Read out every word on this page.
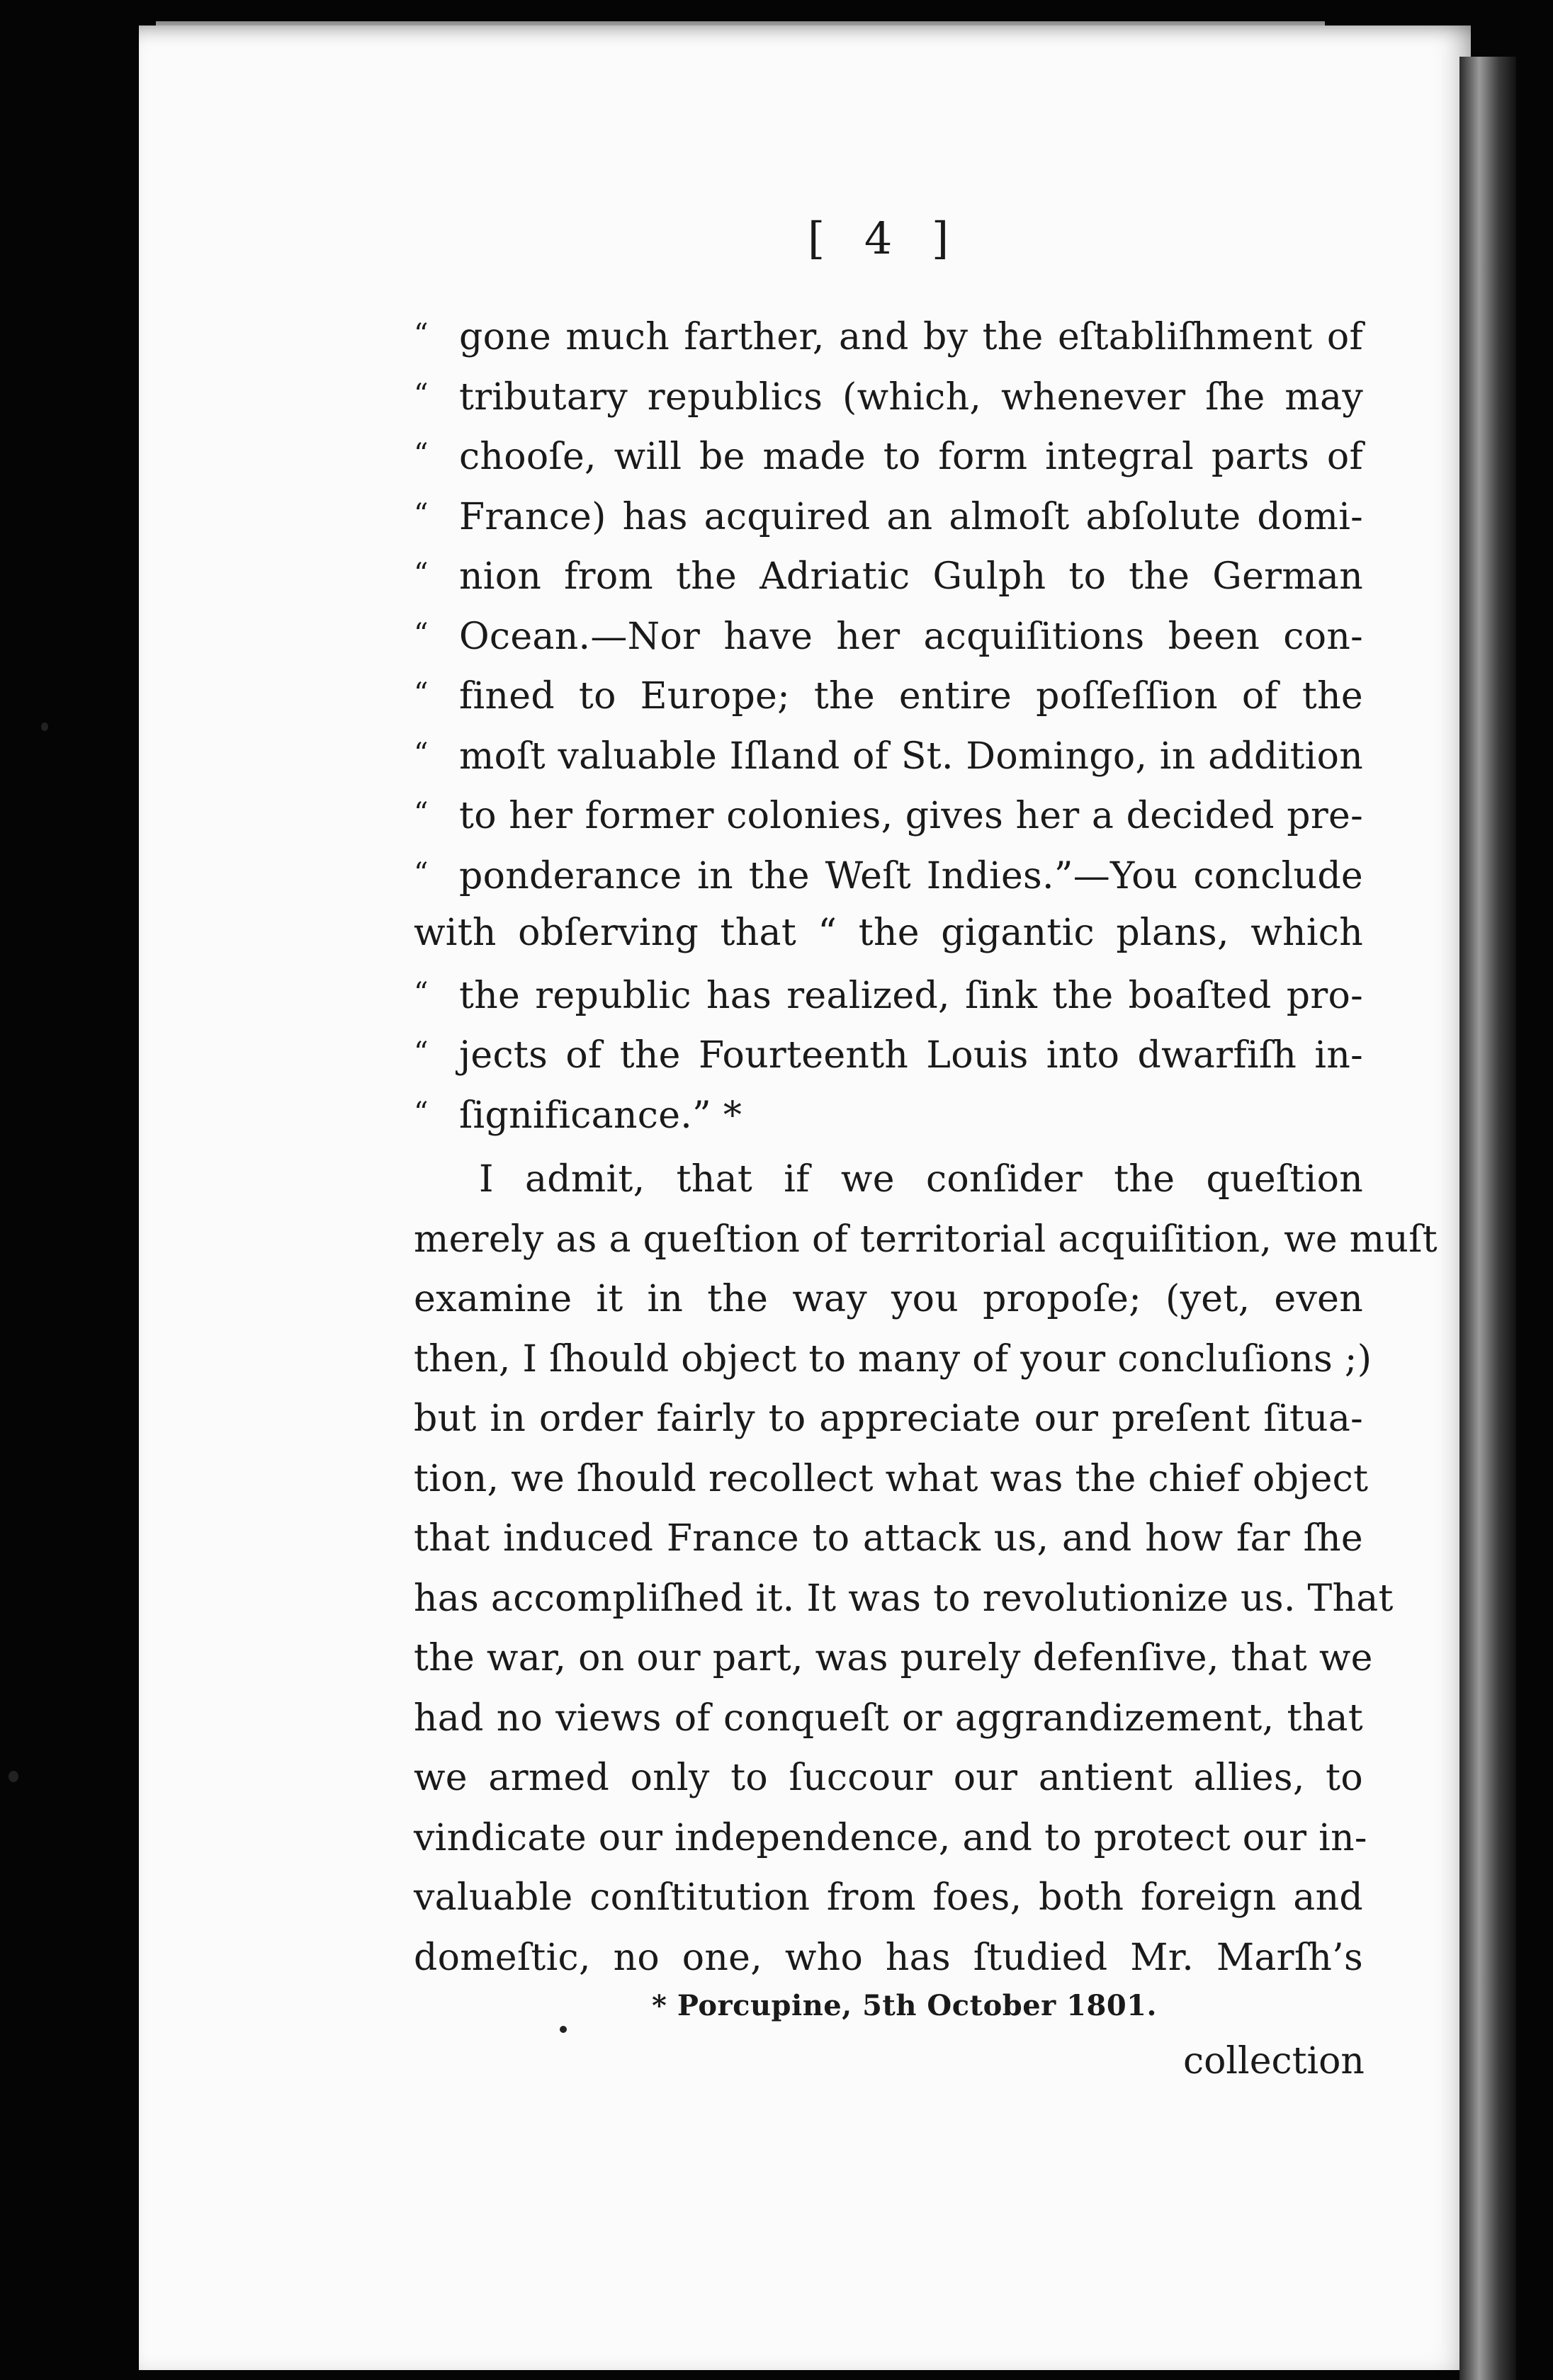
[ 4 ]
“ gone much farther, and by the eſtabliſhment of
“ tributary republics (which, whenever ſhe may
“ chooſe, will be made to form integral parts of
“ France) has acquired an almoſt abſolute domi-
“ nion from the Adriatic Gulph to the German
“ Ocean.—Nor have her acquiſitions been con-
“ fined to Europe; the entire poſſeſſion of the
“ moſt valuable Iſland of St. Domingo, in addition
“ to her former colonies, gives her a decided pre-
“ ponderance in the Weſt Indies.”—You conclude
with obſerving that “ the gigantic plans, which
“ the republic has realized, ſink the boaſted pro-
“ jects of the Fourteenth Louis into dwarfiſh in-
“ ſignificance.” *
I admit, that if we conſider the queſtion
merely as a queſtion of territorial acquiſition, we muſt
examine it in the way you propoſe; (yet, even
then, I ſhould object to many of your concluſions ;)
but in order fairly to appreciate our preſent ſitua-
tion, we ſhould recollect what was the chief object
that induced France to attack us, and how far ſhe
has accompliſhed it. It was to revolutionize us. That
the war, on our part, was purely defenſive, that we
had no views of conqueſt or aggrandizement, that
we armed only to ſuccour our antient allies, to
vindicate our independence, and to protect our in-
valuable conſtitution from foes, both foreign and
domeſtic, no one, who has ſtudied Mr. Marſh’s
* Porcupine, 5th October 1801.
collection
